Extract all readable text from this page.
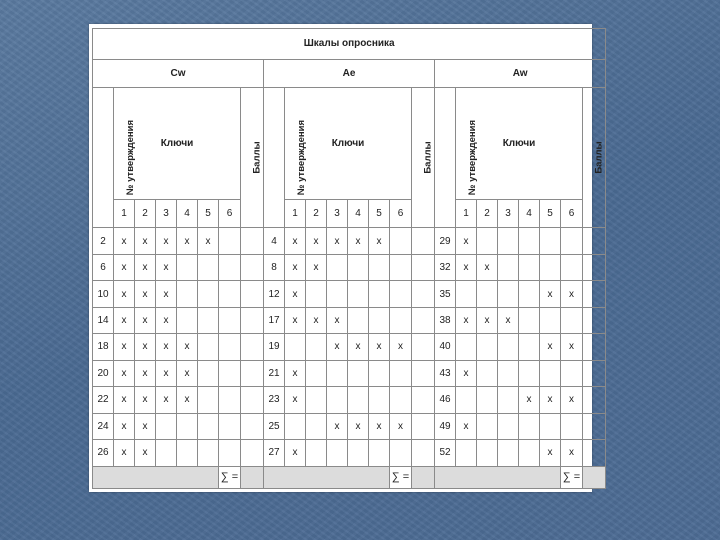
Шкалы опросника																							
Cw								Ae								Aw							
№ утверждения	Ключи						Баллы	№ утверждения	Ключи						Баллы	№ утверждения	Ключи						Баллы
	1	2	3	4	5	6			1	2	3	4	5	6			1	2	3	4	5	6	
2	x	x	x	x	x			4	x	x	x	x	x			29	x						
6	x	x	x					8	x	x						32	x	x					
10	x	x	x					12	x							35					x	x	
14	x	x	x					17	x	x	x					38	x	x	x				
18	x	x	x	x				19			x	x	x	x		40					x	x	
20	x	x	x	x				21	x							43	x						
22	x	x	x	x				23	x							46				x	x	x	
24	x	x						25			x	x	x	x		49	x						
26	x	x						27	x							52					x	x	
						∑ =								∑ =								∑ =	
